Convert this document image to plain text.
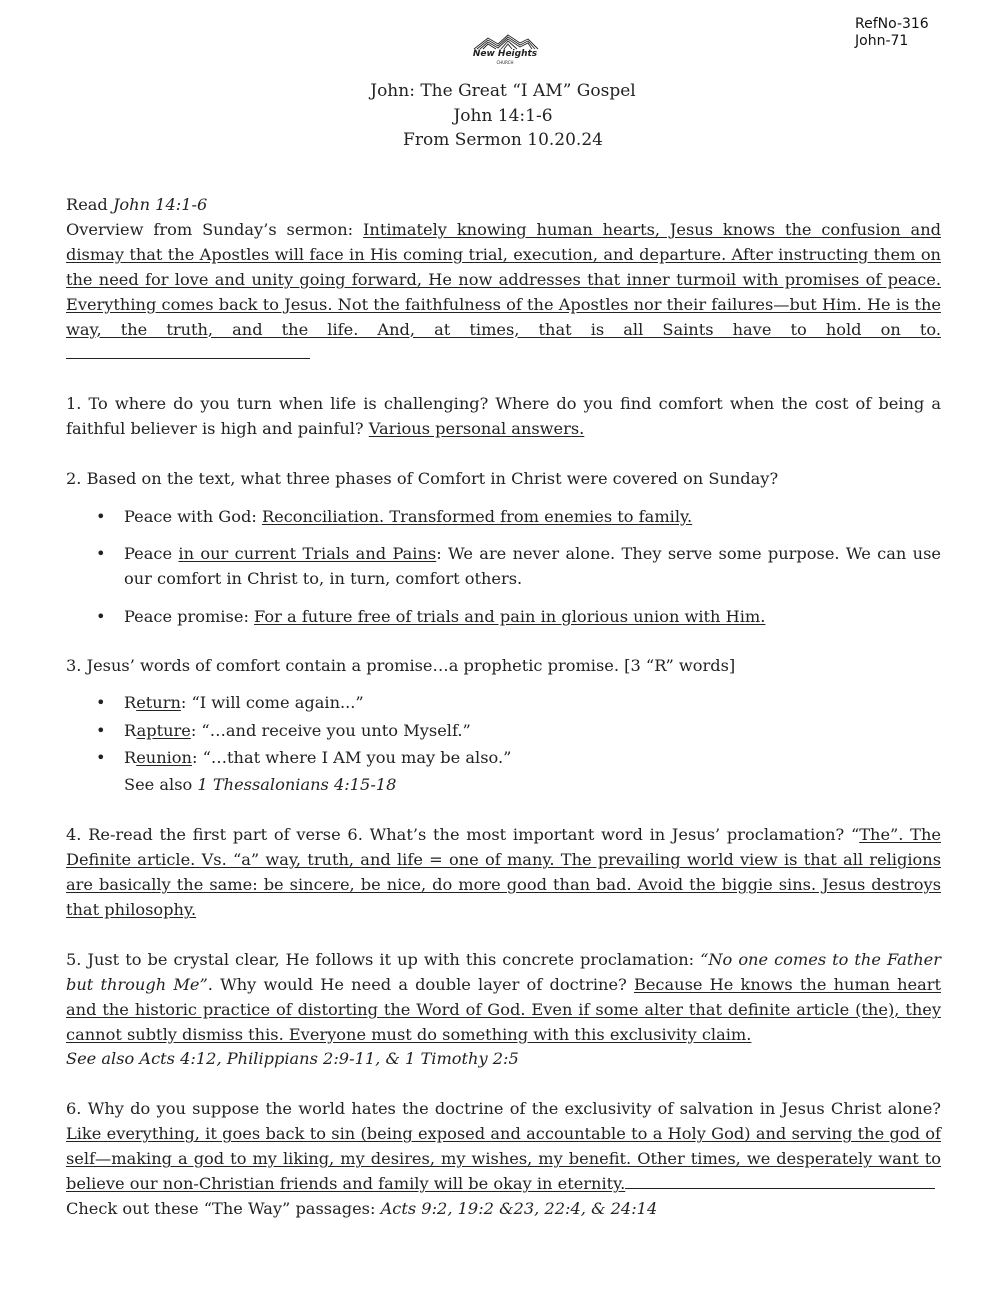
RefNo-316
John-71
New Heights
CHURCH
John: The Great “I AM” Gospel
John 14:1-6
From Sermon 10.20.24

Read John 14:1-6

Overview from Sunday’s sermon: Intimately knowing human hearts, Jesus knows the confusion and dismay that the Apostles will face in His coming trial, execution, and departure. After instructing them on the need for love and unity going forward, He now addresses that inner turmoil with promises of peace. Everything comes back to Jesus. Not the faithfulness of the Apostles nor their failures—but Him. He is the way, the truth, and the life. And, at times, that is all Saints have to hold on to.

1. To where do you turn when life is challenging? Where do you find comfort when the cost of being a faithful believer is high and painful? Various personal answers.

2. Based on the text, what three phases of Comfort in Christ were covered on Sunday?

• Peace with God: Reconciliation. Transformed from enemies to family.

• Peace in our current Trials and Pains: We are never alone. They serve some purpose. We can use our comfort in Christ to, in turn, comfort others.

• Peace promise: For a future free of trials and pain in glorious union with Him.

3. Jesus’ words of comfort contain a promise…a prophetic promise. [3 “R” words]

• Return: “I will come again...”
• Rapture: “…and receive you unto Myself.”
• Reunion: “…that where I AM you may be also.”
See also 1 Thessalonians 4:15-18

4. Re-read the first part of verse 6. What’s the most important word in Jesus’ proclamation? “The”. The Definite article. Vs. “a” way, truth, and life = one of many. The prevailing world view is that all religions are basically the same: be sincere, be nice, do more good than bad. Avoid the biggie sins. Jesus destroys that philosophy.

5. Just to be crystal clear, He follows it up with this concrete proclamation: “No one comes to the Father but through Me”. Why would He need a double layer of doctrine? Because He knows the human heart and the historic practice of distorting the Word of God. Even if some alter that definite article (the), they cannot subtly dismiss this. Everyone must do something with this exclusivity claim.

See also Acts 4:12, Philippians 2:9-11, & 1 Timothy 2:5

6. Why do you suppose the world hates the doctrine of the exclusivity of salvation in Jesus Christ alone? Like everything, it goes back to sin (being exposed and accountable to a Holy God) and serving the god of self—making a god to my liking, my desires, my wishes, my benefit. Other times, we desperately want to believe our non-Christian friends and family will be okay in eternity.

Check out these “The Way” passages: Acts 9:2, 19:2 &23, 22:4, & 24:14
